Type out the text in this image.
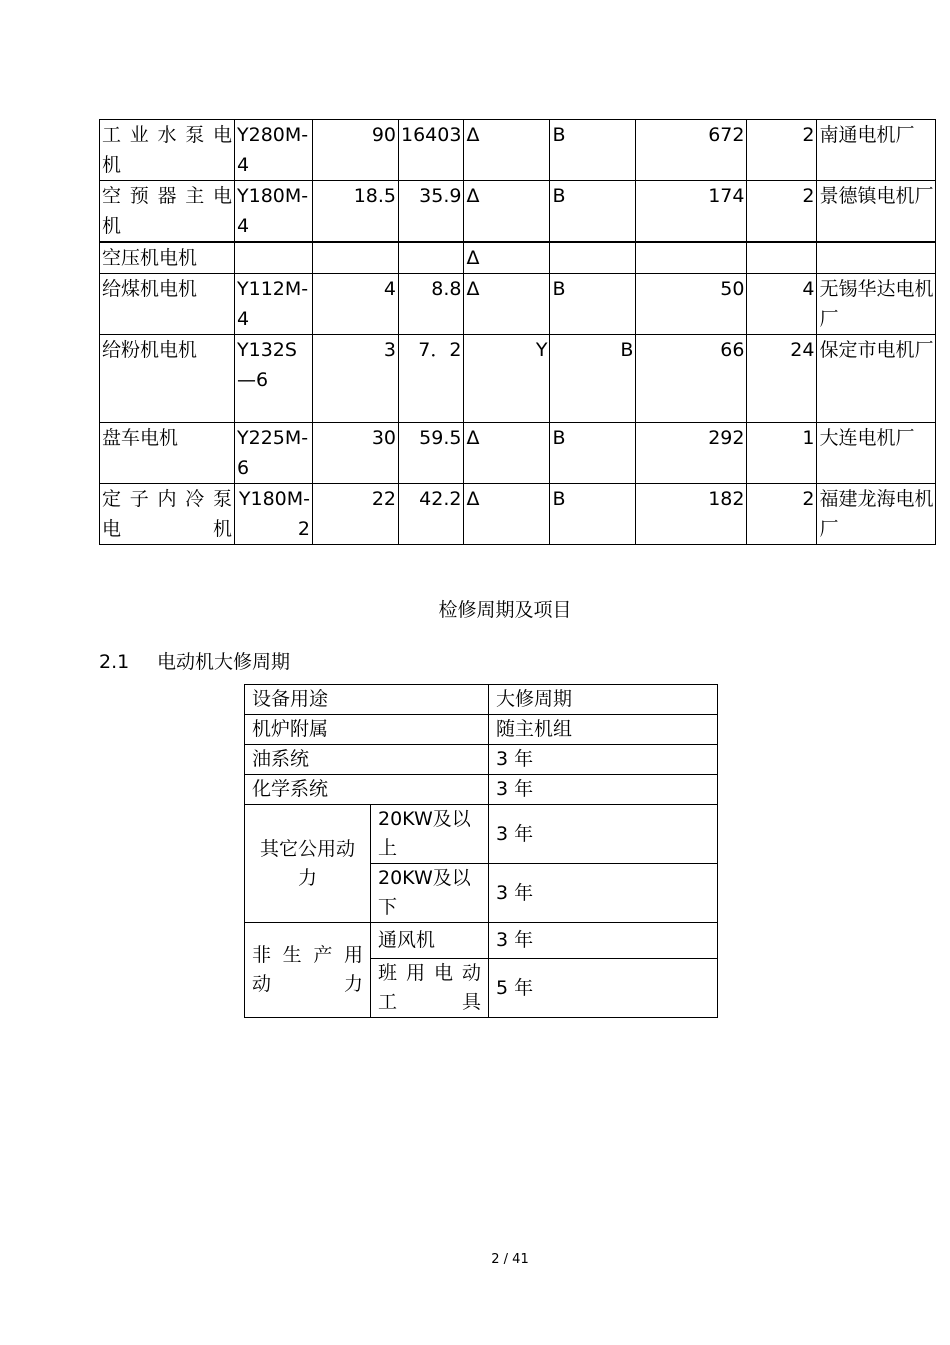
工 业 水 泵 电机	Y280M-4	90	16403	Δ	B	672	2	南通电机厂
空 预 器 主 电机	Y180M-4	18.5	35.9	Δ	B	174	2	景德镇电机厂
空压机电机				Δ				
给煤机电机	Y112M-4	4	8.8	Δ	B	50	4	无锡华达电机厂
给粉机电机	Y132S—6	3	7．2	Y	B	66	24	保定市电机厂
盘车电机	Y225M-6	30	59.5	Δ	B	292	1	大连电机厂
定 子 内 冷 泵电机	Y180M-2	22	42.2	Δ	B	182	2	福建龙海电机厂
检修周期及项目
2.1 电动机大修周期
设备用途		大修周期
机炉附属		随主机组
油系统		3 年
化学系统		3 年
其它公用动力	20KW及以上	3 年
	20KW及以下	3 年
非 生 产 用动力	通风机	3 年
	班 用 电 动工具	5 年
2 / 41
